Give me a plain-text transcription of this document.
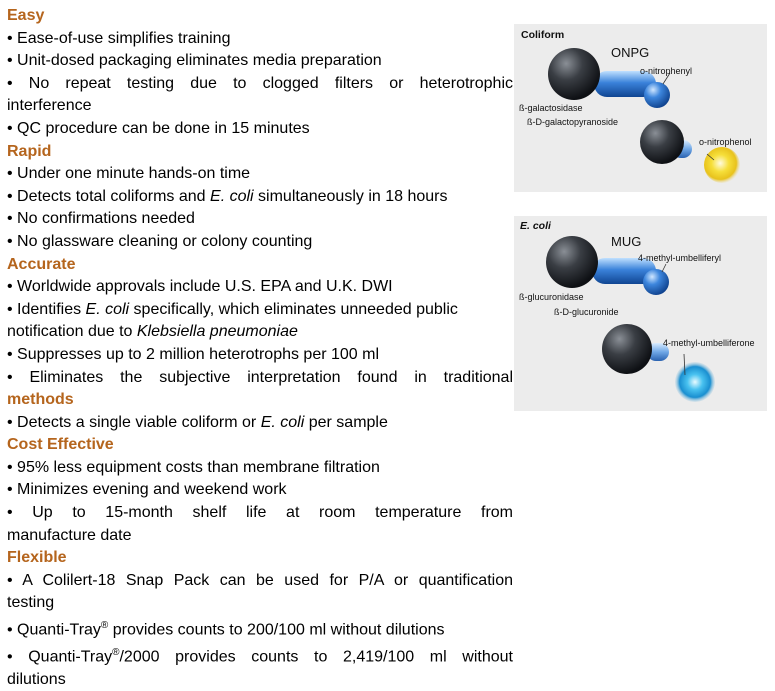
Easy
• Ease-of-use simplifies training
• Unit-dosed packaging eliminates media preparation
• No repeat testing due to clogged filters or heterotrophic
interference
• QC procedure can be done in 15 minutes
Rapid
• Under one minute hands-on time
• Detects total coliforms and E. coli simultaneously in 18 hours
• No confirmations needed
• No glassware cleaning or colony counting
Accurate
• Worldwide approvals include U.S. EPA and U.K. DWI
• Identifies E. coli specifically, which eliminates unneeded public
notification due to Klebsiella pneumoniae
• Suppresses up to 2 million heterotrophs per 100 ml
• Eliminates the subjective interpretation found in traditional
methods
• Detects a single viable coliform or E. coli per sample
Cost Effective
• 95% less equipment costs than membrane filtration
• Minimizes evening and weekend work
• Up to 15-month shelf life at room temperature from
manufacture date
Flexible
• A Colilert-18 Snap Pack can be used for P/A or quantification
testing
• Quanti-Tray® provides counts to 200/100 ml without dilutions
• Quanti-Tray®/2000 provides counts to 2,419/100 ml without
dilutions
Coliform
ONPG
o-nitrophenyl
ß-galactosidase
ß-D-galactopyranoside
o-nitrophenol
E. coli
MUG
4-methyl-umbelliferyl
ß-glucuronidase
ß-D-glucuronide
4-methyl-umbelliferone
